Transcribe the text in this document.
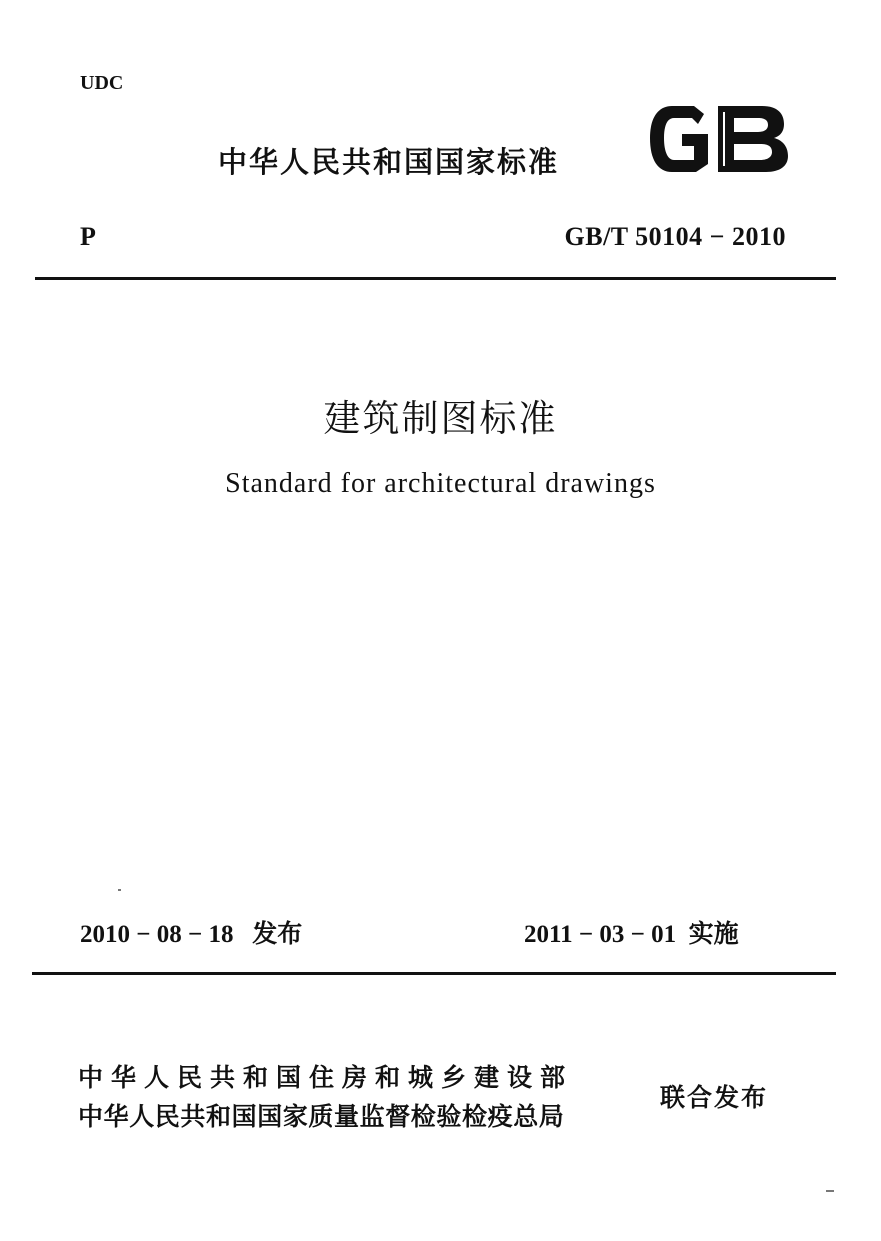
UDC
中华人民共和国国家标准
P	GB/T 50104 − 2010
建筑制图标准
Standard for architectural drawings
2010 − 08 − 18 发布	2011 − 03 − 01 实施
中华人民共和国住房和城乡建设部
中华人民共和国国家质量监督检验检疫总局
联合发布
